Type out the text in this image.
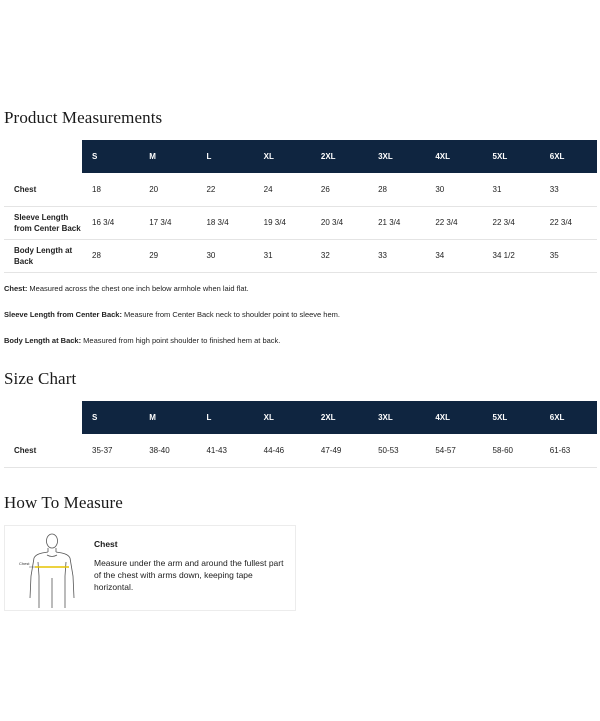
Product Measurements
	S	M	L	XL	2XL	3XL	4XL	5XL	6XL
Chest	18	20	22	24	26	28	30	31	33
Sleeve Length from Center Back	16 3/4	17 3/4	18 3/4	19 3/4	20 3/4	21 3/4	22 3/4	22 3/4	22 3/4
Body Length at Back	28	29	30	31	32	33	34	34 1/2	35

Chest: Measured across the chest one inch below armhole when laid flat.

Sleeve Length from Center Back: Measure from Center Back neck to shoulder point to sleeve hem.

Body Length at Back: Measured from high point shoulder to finished hem at back.

Size Chart
	S	M	L	XL	2XL	3XL	4XL	5XL	6XL
Chest	35-37	38-40	41-43	44-46	47-49	50-53	54-57	58-60	61-63
How To Measure
Chest
Chest
Measure under the arm and around the fullest part of the chest with arms down, keeping tape horizontal.
